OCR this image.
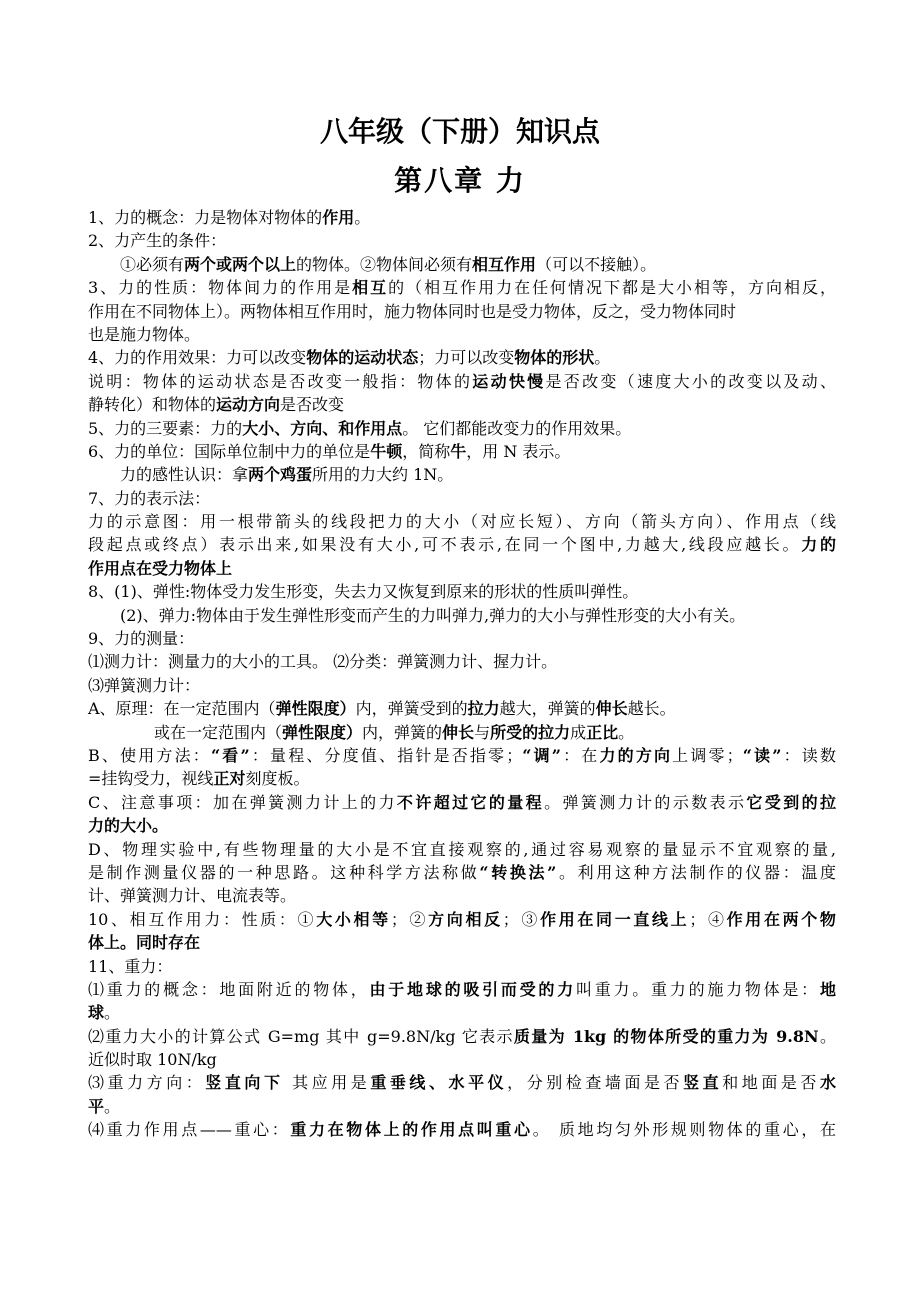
八年级（下册）知识点
第八章 力
1、力的概念：力是物体对物体的作用。
2、力产生的条件：
①必须有两个或两个以上的物体。②物体间必须有相互作用（可以不接触）。
3、力的性质：物体间力的作用是相互的（相互作用力在任何情况下都是大小相等，方向相反，
作用在不同物体上）。两物体相互作用时，施力物体同时也是受力物体，反之，受力物体同时
也是施力物体。
4、力的作用效果：力可以改变物体的运动状态；力可以改变物体的形状。
说明：物体的运动状态是否改变一般指：物体的运动快慢是否改变（速度大小的改变以及动、
静转化）和物体的运动方向是否改变
5、力的三要素：力的大小、方向、和作用点。 它们都能改变力的作用效果。
6、力的单位：国际单位制中力的单位是牛顿，简称牛，用 N 表示。
力的感性认识：拿两个鸡蛋所用的力大约 1N。
7、力的表示法：
力的示意图：用一根带箭头的线段把力的大小（对应长短）、方向（箭头方向）、作用点（线
段起点或终点）表示出来,如果没有大小,可不表示,在同一个图中,力越大,线段应越长。力的
作用点在受力物体上
8、(1)、弹性:物体受力发生形变，失去力又恢复到原来的形状的性质叫弹性。
(2)、弹力:物体由于发生弹性形变而产生的力叫弹力,弹力的大小与弹性形变的大小有关。
9、力的测量：
⑴测力计：测量力的大小的工具。 ⑵分类：弹簧测力计、握力计。
⑶弹簧测力计：
A、原理：在一定范围内（弹性限度）内，弹簧受到的拉力越大，弹簧的伸长越长。
或在一定范围内（弹性限度）内，弹簧的伸长与所受的拉力成正比。
B、使用方法：“看”：量程、分度值、指针是否指零；“调”：在力的方向上调零；“读”：读数
=挂钩受力，视线正对刻度板。
C、注意事项：加在弹簧测力计上的力不许超过它的量程。弹簧测力计的示数表示它受到的拉
力的大小。
D、物理实验中,有些物理量的大小是不宜直接观察的,通过容易观察的量显示不宜观察的量,
是制作测量仪器的一种思路。这种科学方法称做“转换法”。利用这种方法制作的仪器：温度
计、弹簧测力计、电流表等。
10、相互作用力：性质：①大小相等；②方向相反；③作用在同一直线上；④作用在两个物
体上。同时存在
11、重力：
⑴重力的概念：地面附近的物体，由于地球的吸引而受的力叫重力。重力的施力物体是：地
球。
⑵重力大小的计算公式 G=mg 其中 g=9.8N/kg 它表示质量为 1kg 的物体所受的重力为 9.8N。
近似时取 10N/kg
⑶重力方向：竖直向下 其应用是重垂线、水平仪，分别检查墙面是否竖直和地面是否水
平。
⑷重力作用点——重心：重力在物体上的作用点叫重心。 质地均匀外形规则物体的重心，在
